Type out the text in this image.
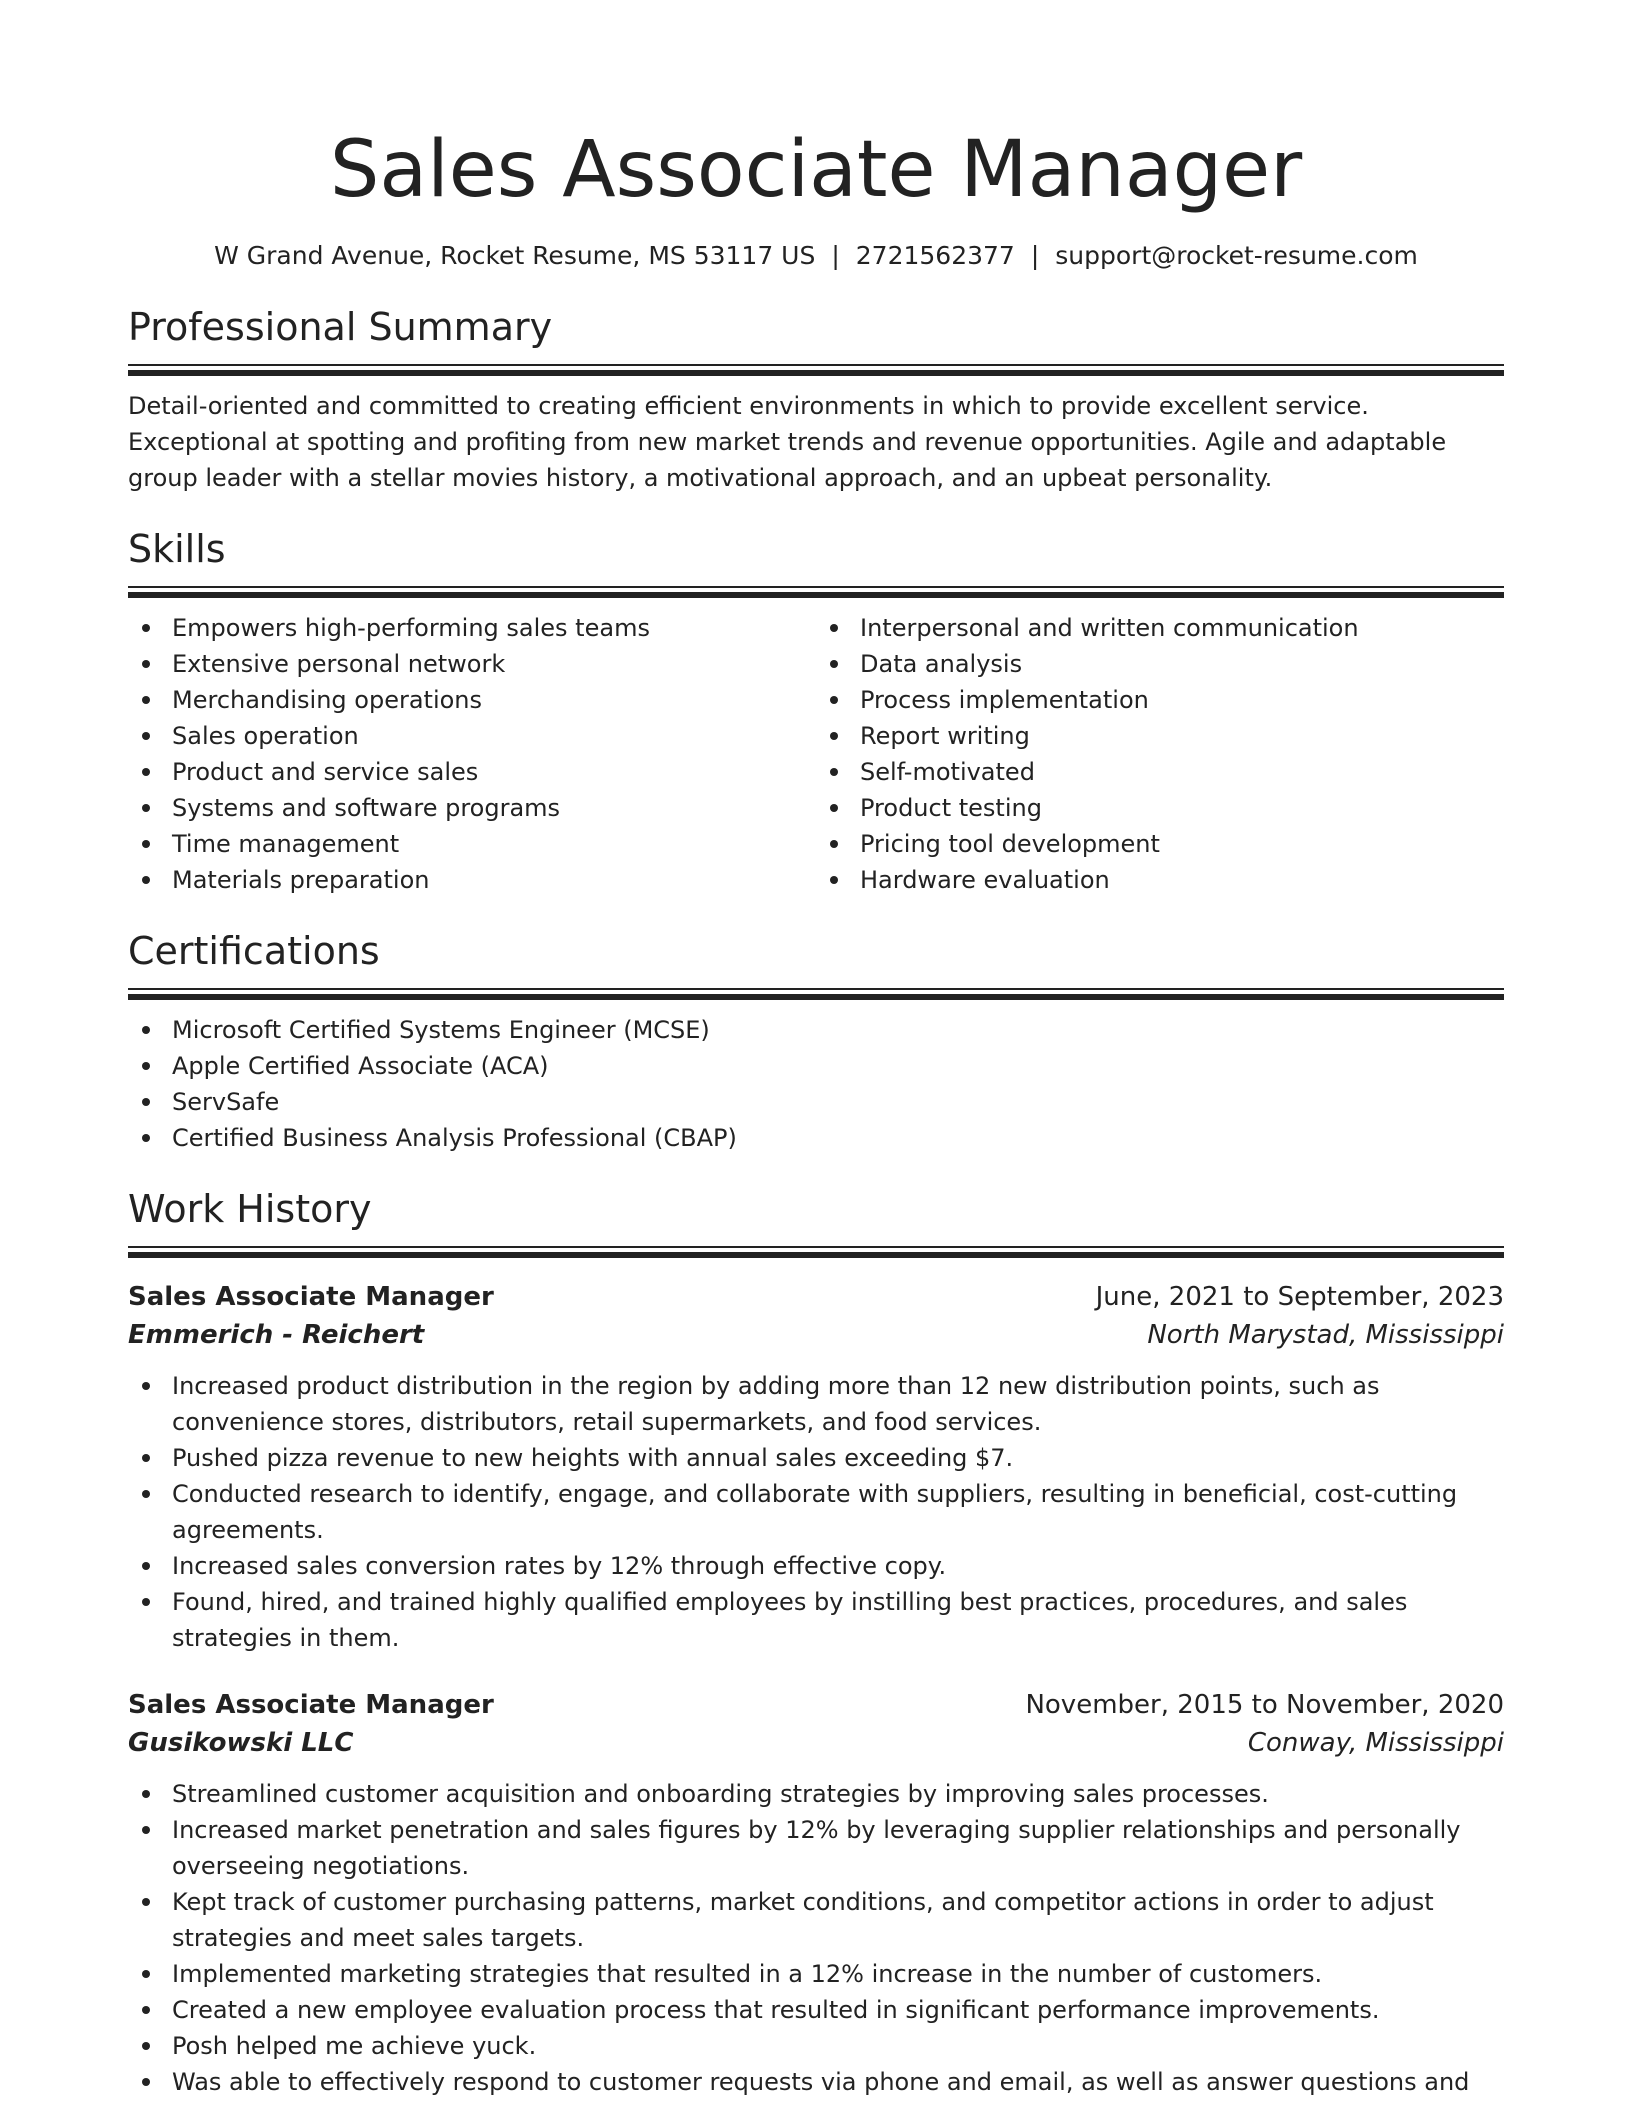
Sales Associate Manager
W Grand Avenue, Rocket Resume, MS 53117 US | 2721562377 | support@rocket-resume.com
Professional Summary

Detail-oriented and committed to creating efficient environments in which to provide excellent service. Exceptional at spotting and profiting from new market trends and revenue opportunities. Agile and adaptable group leader with a stellar movies history, a motivational approach, and an upbeat personality.

Skills
Empowers high-performing sales teams
Extensive personal network
Merchandising operations
Sales operation
Product and service sales
Systems and software programs
Time management
Materials preparation
Interpersonal and written communication
Data analysis
Process implementation
Report writing
Self-motivated
Product testing
Pricing tool development
Hardware evaluation
Certifications
Microsoft Certified Systems Engineer (MCSE)
Apple Certified Associate (ACA)
ServSafe
Certified Business Analysis Professional (CBAP)
Work History
Sales Associate Manager	June, 2021 to September, 2023
Emmerich - Reichert	North Marystad, Mississippi
Increased product distribution in the region by adding more than 12 new distribution points, such as convenience stores, distributors, retail supermarkets, and food services.
Pushed pizza revenue to new heights with annual sales exceeding $7.
Conducted research to identify, engage, and collaborate with suppliers, resulting in beneficial, cost-cutting agreements.
Increased sales conversion rates by 12% through effective copy.
Found, hired, and trained highly qualified employees by instilling best practices, procedures, and sales strategies in them.
Sales Associate Manager	November, 2015 to November, 2020
Gusikowski LLC	Conway, Mississippi
Streamlined customer acquisition and onboarding strategies by improving sales processes.
Increased market penetration and sales figures by 12% by leveraging supplier relationships and personally overseeing negotiations.
Kept track of customer purchasing patterns, market conditions, and competitor actions in order to adjust strategies and meet sales targets.
Implemented marketing strategies that resulted in a 12% increase in the number of customers.
Created a new employee evaluation process that resulted in significant performance improvements.
Posh helped me achieve yuck.
Was able to effectively respond to customer requests via phone and email, as well as answer questions and
